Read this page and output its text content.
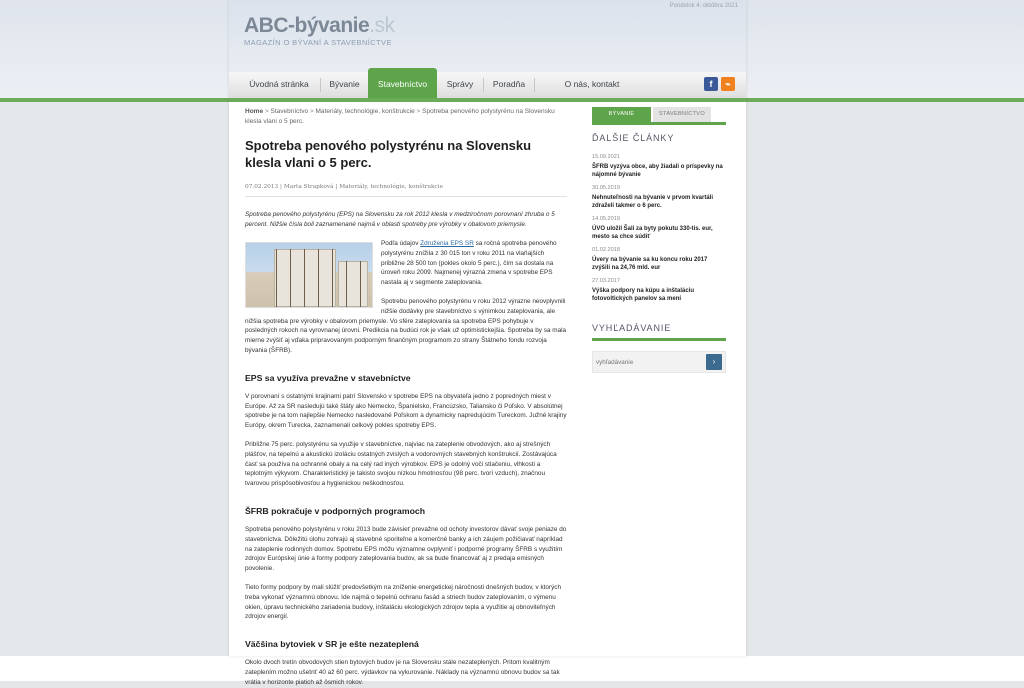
Pondelok 4. októbra 2021
ABC-bývanie.sk
MAGAZÍN O BÝVANÍ A STAVEBNÍCTVE
Úvodná stránka	Bývanie	Správy	Poradňa	O nás, kontakt
Stavebníctvo	f	⌁
Home > Stavebníctvo > Materiály, technológie, konštrukcie > Spotreba penového polystyrénu na Slovensku klesla vlani o 5 perc.
Spotreba penového polystyrénu na Slovensku klesla vlani o 5 perc.
07.02.2013 | Marta Strapková | Materiály, technológie, konštrukcie
Spotreba penového polystyrénu (EPS) na Slovensku za rok 2012 klesla v medziročnom porovnaní zhruba o 5 percent. Nižšie čísla boli zaznamenané najmä v oblasti spotreby pre výrobky v obalovom priemysle.

Podľa údajov Združenia EPS SR sa ročná spotreba penového polystyrénu znížila z 30 015 ton v roku 2011 na vlaňajších približne 28 500 ton (pokles okolo 5 perc.), čím sa dostala na úroveň roku 2009. Najmenej výrazná zmena v spotrebe EPS nastala aj v segmente zateplovania.

Spotrebu penového polystyrénu v roku 2012 výrazne neovplyvnili nižšie dodávky pre stavebníctvo s výnimkou zateplovania, ale nižšia spotreba pre výrobky v obalovom priemysle. Vo sfére zateplovania sa spotreba EPS pohybuje v posledných rokoch na vyrovnanej úrovni. Predikcia na budúci rok je však už optimistickejšia. Spotreba by sa mala mierne zvýšiť aj vďaka pripravovaným podporným finančným programom zo strany Štátneho fondu rozvoja bývania (ŠFRB).

EPS sa využíva prevažne v stavebníctve

V porovnaní s ostatnými krajinami patrí Slovensko v spotrebe EPS na obyvateľa jedno z popredných miest v Európe. Až za SR nasledujú také štáty ako Nemecko, Španielsko, Francúzsko, Taliansko či Poľsko. V absolútnej spotrebe je na tom najlepšie Nemecko nasledované Poľskom a dynamicky napredujúcim Tureckom. Južné krajiny Európy, okrem Turecka, zaznamenali celkový pokles spotreby EPS.

Približne 75 perc. polystyrénu sa využije v stavebníctve, najviac na zateplenie obvodových, ako aj strešných plášťov, na tepelnú a akustickú izoláciu ostatných zvislých a vodorovných stavebných konštrukcií. Zostávajúca časť sa používa na ochranné obaly a na celý rad iných výrobkov. EPS je odolný voči stlačeniu, vlhkosti a teplotným výkyvom. Charakteristický je takisto svojou nízkou hmotnosťou (98 perc. tvorí vzduch), značnou tvarovou prispôsobivosťou a hygienickou neškodnosťou.

ŠFRB pokračuje v podporných programoch

Spotreba penového polystyrénu v roku 2013 bude závisieť prevažne od ochoty investorov dávať svoje peniaze do stavebníctva. Dôležitú úlohu zohrajú aj stavebné sporiteľne a komerčné banky a ich záujem požičiavať napríklad na zateplenie rodinných domov. Spotrebu EPS môžu významne ovplyvniť i podporné programy ŠFRB s využitím zdrojov Európskej únie a formy podpory zateplovania budov, ak sa bude financovať aj z predaja emisných povolenie.

Tieto formy podpory by mali slúžiť predovšetkým na zníženie energetickej náročnosti dnešných budov, v ktorých treba vykonať významnú obnovu. Ide najmä o tepelnú ochranu fasád a striech budov zateplovaním, o výmenu okien, úpravu technického zariadenia budovy, inštaláciu ekologických zdrojov tepla a využitie aj obnoviteľných zdrojov energií.

Väčšina bytoviek v SR je ešte nezateplená

Okolo dvoch tretín obvodových stien bytových budov je na Slovensku stále nezateplených. Pritom kvalitným zateplením možno ušetriť 40 až 60 perc. výdavkov na vykurovanie. Náklady na významnú obnovu budov sa tak vrátia v horizonte piatich až ôsmich rokov.

BÝVANIE	STAVEBNÍCTVO
ĎALŠIE ČLÁNKY
15.09.2021
ŠFRB vyzýva obce, aby žiadali o príspevky na nájomné bývanie
30.05.2019
Nehnuteľnosti na bývanie v prvom kvartáli zdraželi takmer o 6 perc.
14.05.2019
ÚVO uložil Šali za byty pokutu 330-tis. eur, mesto sa chce súdiť
01.02.2018
Úvery na bývanie sa ku koncu roku 2017 zvýšili na 24,76 mld. eur
27.03.2017
Výška podpory na kúpu a inštaláciu fotovoltických panelov sa mení
VYHĽADÁVANIE
vyhľadávanie
›
